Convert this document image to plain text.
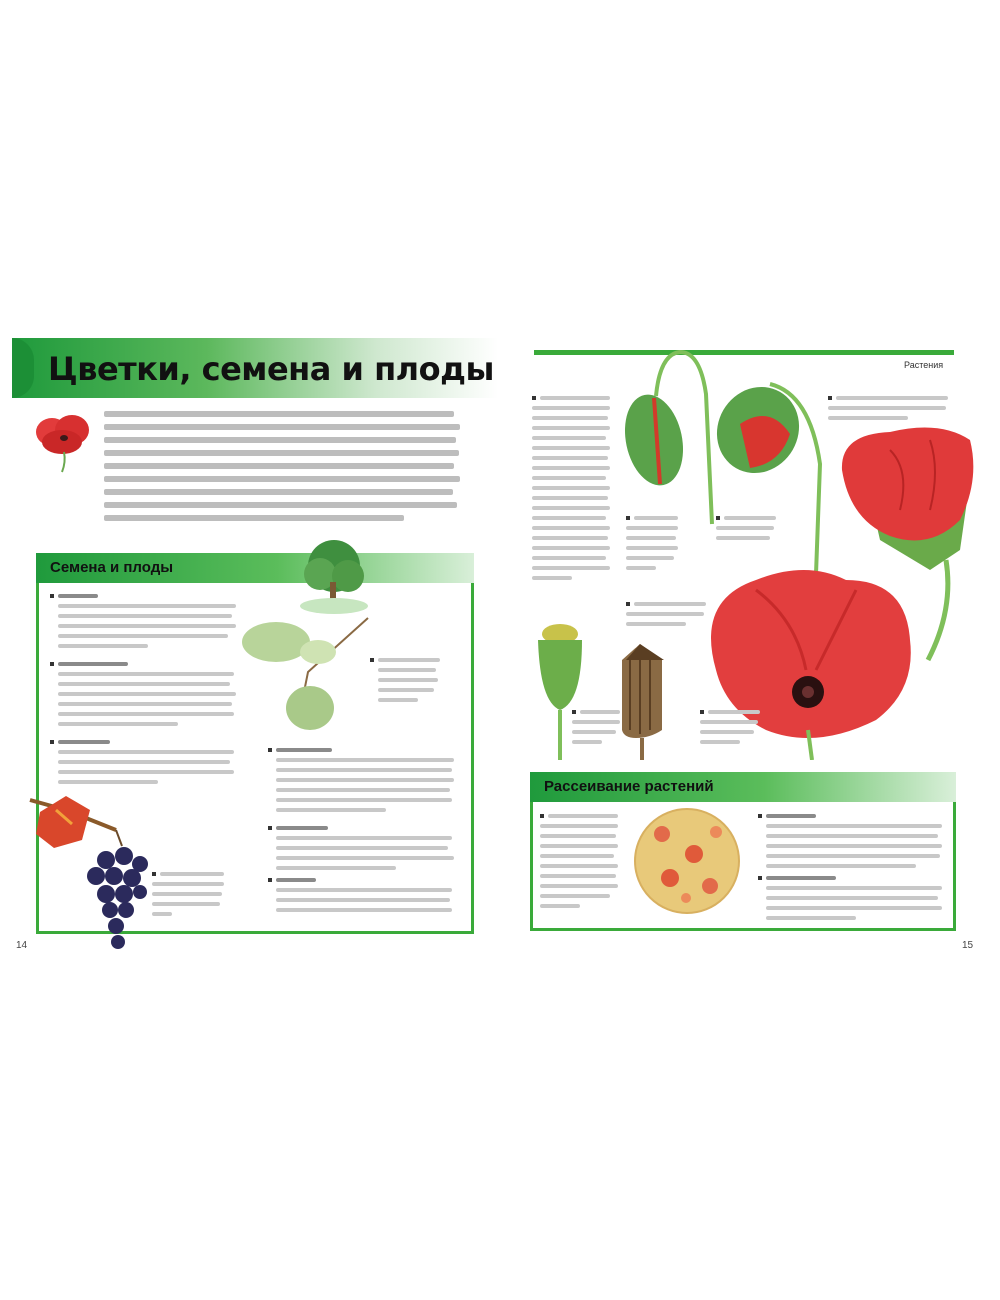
Цветки, семена и плоды
Семена и плоды
14
Растения
Рассеивание растений
15
